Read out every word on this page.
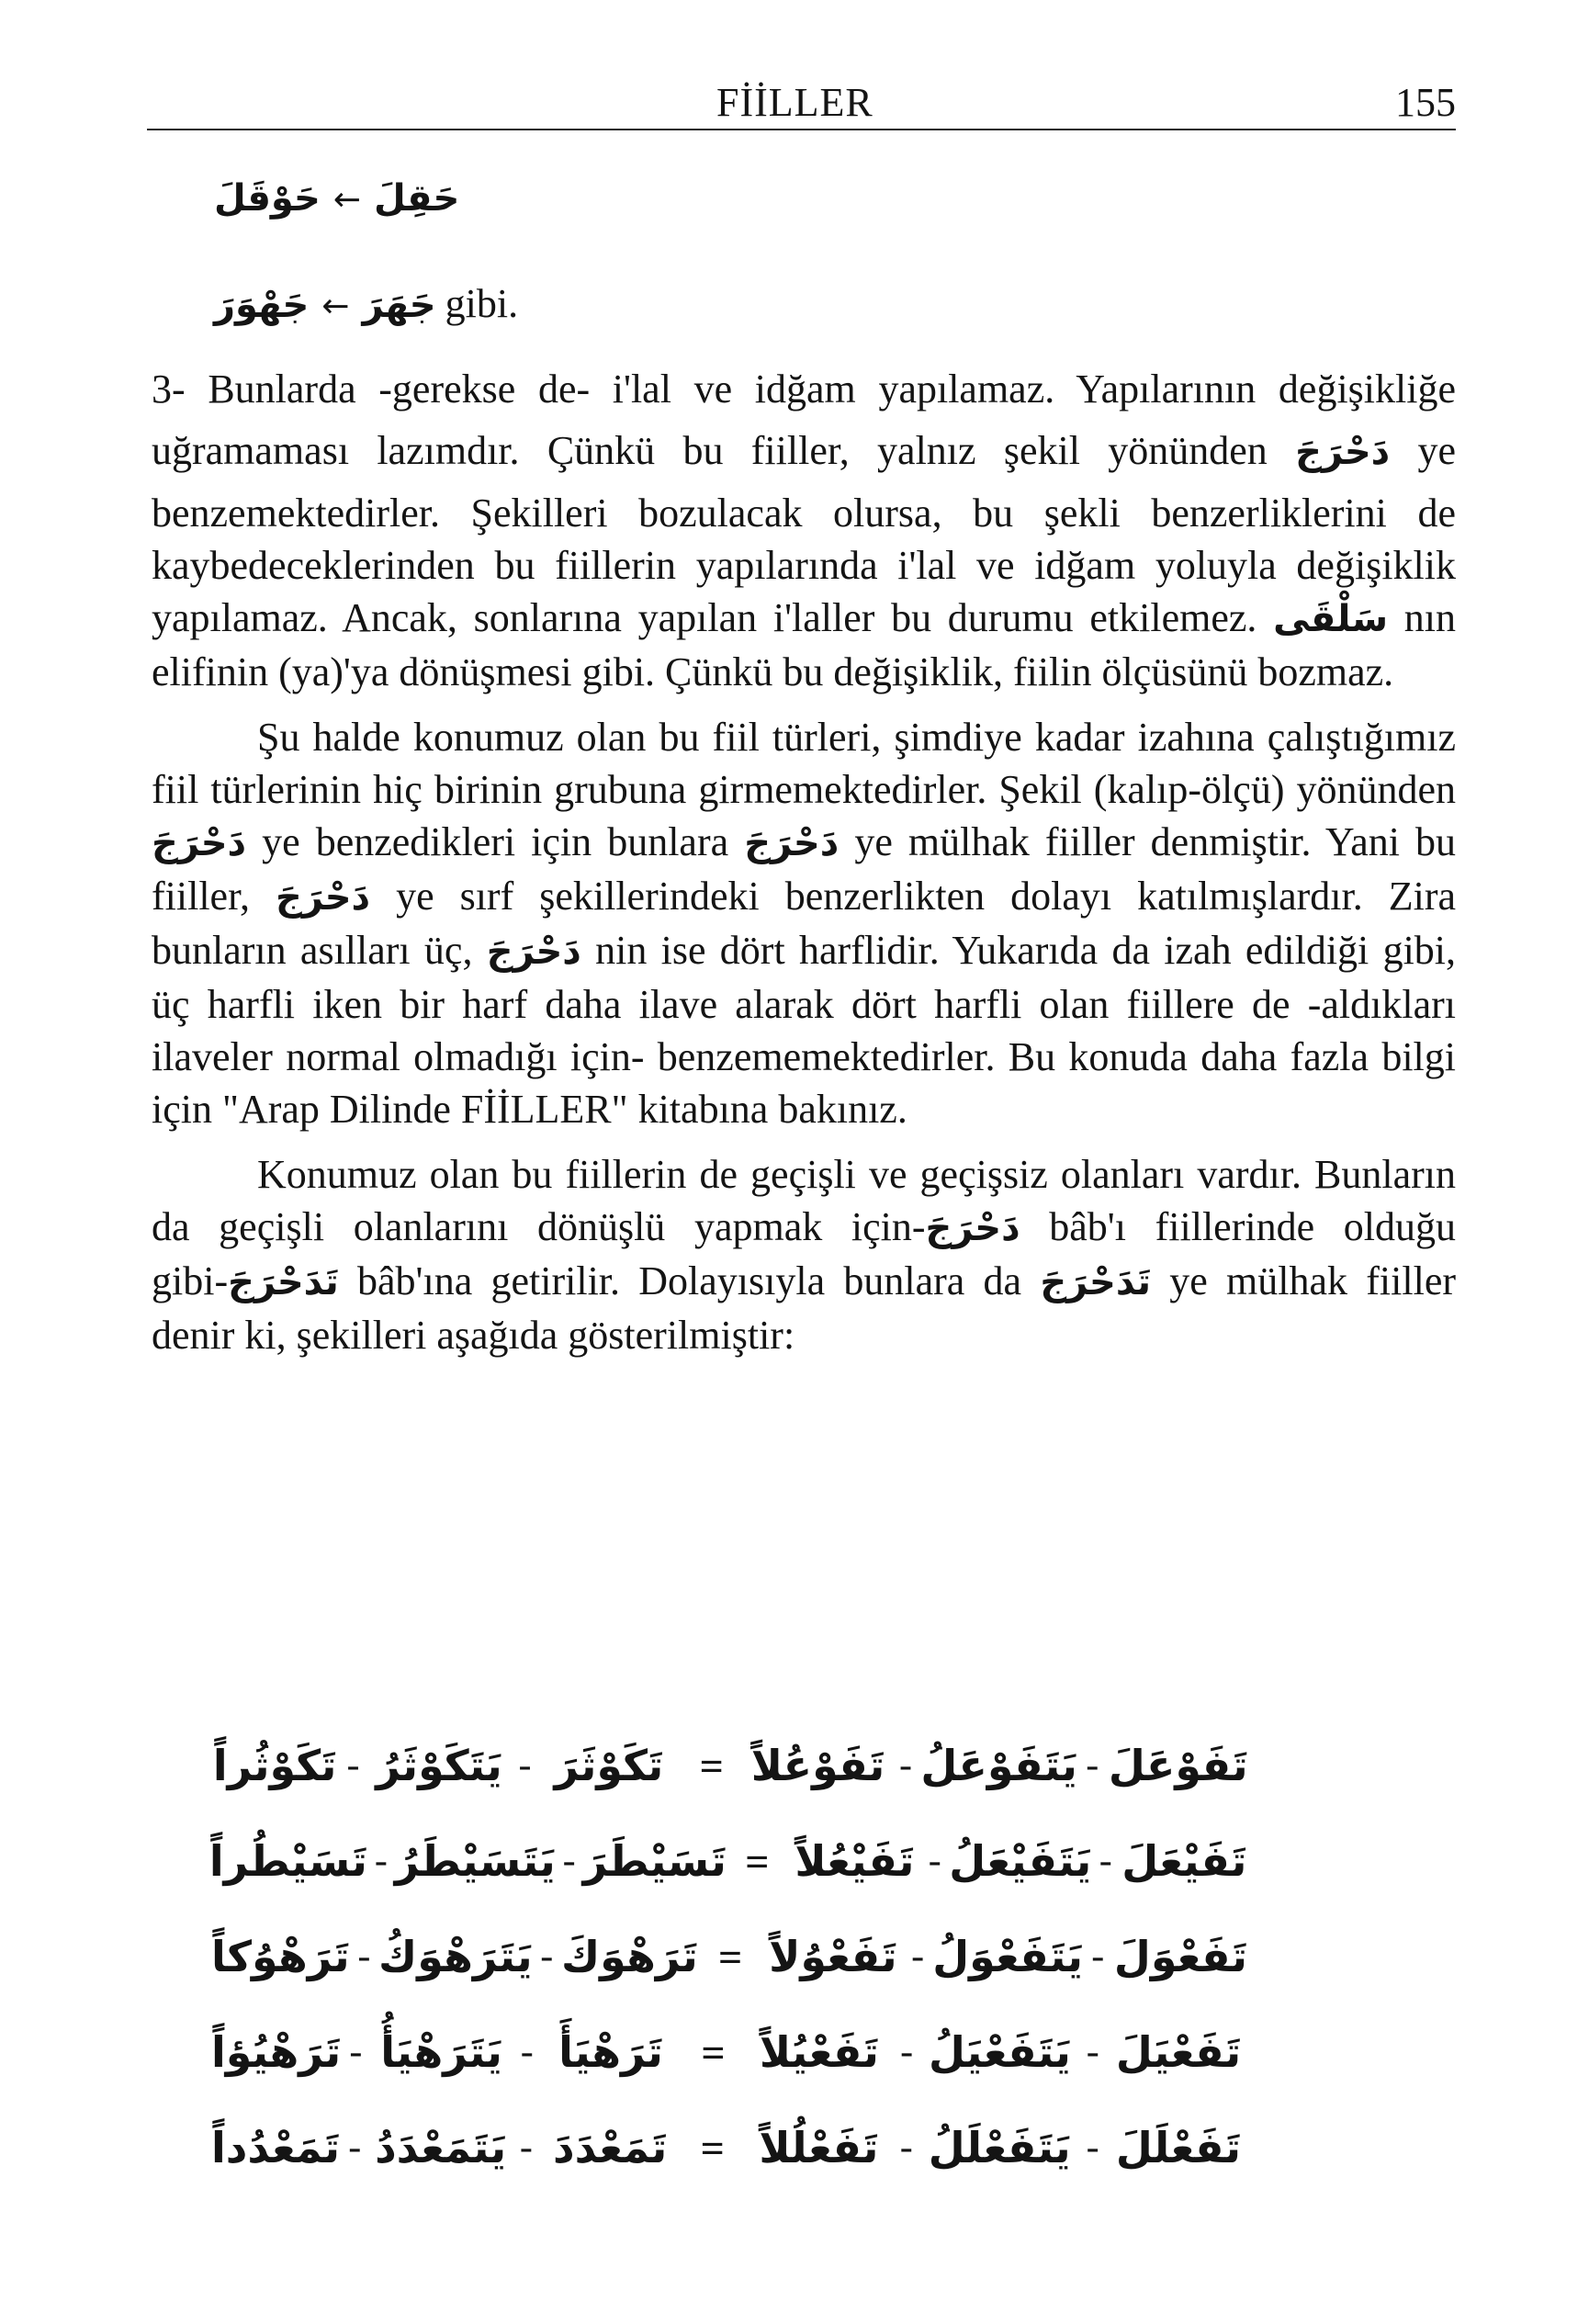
FİİLLER	155
حَوْقَلَ ← حَقِلَ
جَهْوَرَ ← جَهَرَ gibi.

3- Bunlarda -gerekse de- i'lal ve idğam yapılamaz. Yapılarının değişikliğe uğramaması lazımdır. Çünkü bu fiiller, yalnız şekil yönünden دَحْرَجَ ye benzemektedirler. Şekilleri bozulacak olursa, bu şekli benzerliklerini de kaybedeceklerinden bu fiillerin yapılarında i'lal ve idğam yoluyla değişiklik yapılamaz. Ancak, sonlarına yapılan i'laller bu durumu etkilemez. سَلْقَى nın elifinin (ya)'ya dönüşmesi gibi. Çünkü bu değişiklik, fiilin ölçüsünü bozmaz.

Şu halde konumuz olan bu fiil türleri, şimdiye kadar izahına çalıştığımız fiil türlerinin hiç birinin grubuna girmemektedirler. Şekil (kalıp-ölçü) yönünden دَحْرَجَ ye benzedikleri için bunlara دَحْرَجَ ye mülhak fiiller denmiştir. Yani bu fiiller, دَحْرَجَ ye sırf şekillerindeki benzerlikten dolayı katılmışlardır. Zira bunların asılları üç, دَحْرَجَ nin ise dört harflidir. Yukarıda da izah edildiği gibi, üç harfli iken bir harf daha ilave alarak dört harfli olan fiillere de -aldıkları ilaveler normal olmadığı için- benzememektedirler. Bu konuda daha fazla bilgi için "Arap Dilinde FİİLLER" kitabına bakınız.

Konumuz olan bu fiillerin de geçişli ve geçişsiz olanları vardır. Bunların da geçişli olanlarını dönüşlü yapmak için-دَحْرَجَ bâb'ı fiillerinde olduğu gibi-تَدَحْرَجَ bâb'ına getirilir. Dolayısıyla bunlara da تَدَحْرَجَ ye mülhak fiiller denir ki, şekilleri aşağıda gösterilmiştir:

تَفَوْعَلَ
-
يَتَفَوْعَلُ
-
تَفَوْعُلاً
=
تَكَوْثَرَ
-
يَتَكَوْثَرُ
-
تَكَوْثُراً
تَفَيْعَلَ
-
يَتَفَيْعَلُ
-
تَفَيْعُلاً
=
تَسَيْطَرَ
-
يَتَسَيْطَرُ
-
تَسَيْطُراً
تَفَعْوَلَ
-
يَتَفَعْوَلُ
-
تَفَعْوُلاً
=
تَرَهْوَكَ
-
يَتَرَهْوَكُ
-
تَرَهْوُكاً
تَفَعْيَلَ
-
يَتَفَعْيَلُ
-
تَفَعْيُلاً
=
تَرَهْيَأَ
-
يَتَرَهْيَأُ
-
تَرَهْيُؤاً
تَفَعْلَلَ
-
يَتَفَعْلَلُ
-
تَفَعْلُلاً
=
تَمَعْدَدَ
-
يَتَمَعْدَدُ
-
تَمَعْدُداً
